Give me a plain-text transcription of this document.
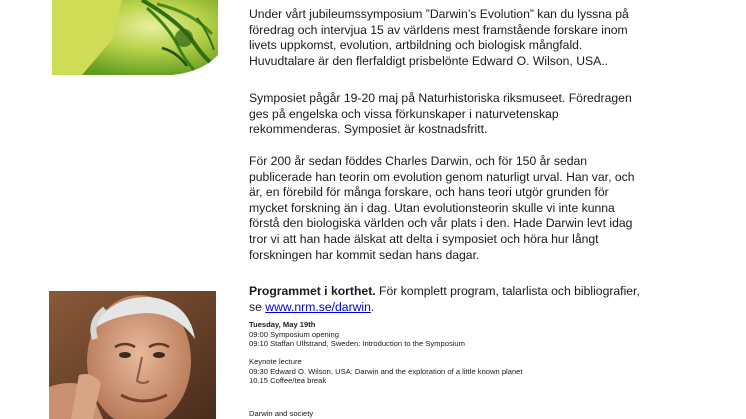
Under vårt jubileumssymposium ”Darwin’s Evolution” kan du lyssna på
föredrag och intervjua 15 av världens mest framstående forskare inom
livets uppkomst, evolution, artbildning och biologisk mångfald.
Huvudtalare är den flerfaldigt prisbelönte Edward O. Wilson, USA..

Symposiet pågår 19-20 maj på Naturhistoriska riksmuseet. Föredragen
ges på engelska och vissa förkunskaper i naturvetenskap
rekommenderas. Symposiet är kostnadsfritt.

För 200 år sedan föddes Charles Darwin, och för 150 år sedan
publicerade han teorin om evolution genom naturligt urval. Han var, och
är, en förebild för många forskare, och hans teori utgör grunden för
mycket forskning än i dag. Utan evolutionsteorin skulle vi inte kunna
förstå den biologiska världen och vår plats i den. Hade Darwin levt idag
tror vi att han hade älskat att delta i symposiet och höra hur långt
forskningen har kommit sedan hans dagar.

Programmet i korthet. För komplett program, talarlista och bibliografier,
se www.nrm.se/darwin.

Tuesday, May 19th

09:00 Symposium opening

09:10 Staffan Ulfstrand, Sweden: Introduction to the Symposium

Keynote lecture

09:30 Edward O. Wilson, USA: Darwin and the exploration of a little known planet

10.15 Coffee/tea break

Darwin and society
